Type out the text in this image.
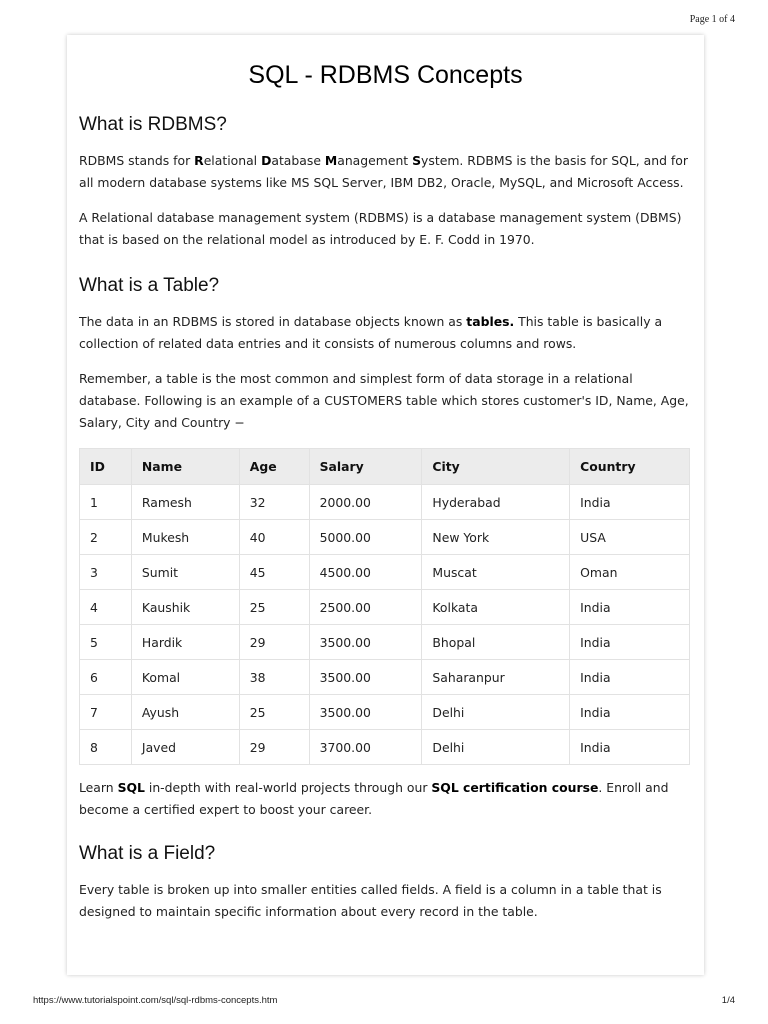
Page 1 of 4
SQL - RDBMS Concepts
What is RDBMS?

RDBMS stands for Relational Database Management System. RDBMS is the basis for SQL, and for all modern database systems like MS SQL Server, IBM DB2, Oracle, MySQL, and Microsoft Access.

A Relational database management system (RDBMS) is a database management system (DBMS) that is based on the relational model as introduced by E. F. Codd in 1970.

What is a Table?

The data in an RDBMS is stored in database objects known as tables. This table is basically a collection of related data entries and it consists of numerous columns and rows.

Remember, a table is the most common and simplest form of data storage in a relational database. Following is an example of a CUSTOMERS table which stores customer's ID, Name, Age, Salary, City and Country −

ID	Name	Age	Salary	City	Country
1	Ramesh	32	2000.00	Hyderabad	India
2	Mukesh	40	5000.00	New York	USA
3	Sumit	45	4500.00	Muscat	Oman
4	Kaushik	25	2500.00	Kolkata	India
5	Hardik	29	3500.00	Bhopal	India
6	Komal	38	3500.00	Saharanpur	India
7	Ayush	25	3500.00	Delhi	India
8	Javed	29	3700.00	Delhi	India

Learn SQL in-depth with real-world projects through our SQL certification course. Enroll and become a certified expert to boost your career.

What is a Field?

Every table is broken up into smaller entities called fields. A field is a column in a table that is designed to maintain specific information about every record in the table.

https://www.tutorialspoint.com/sql/sql-rdbms-concepts.htm	1/4
